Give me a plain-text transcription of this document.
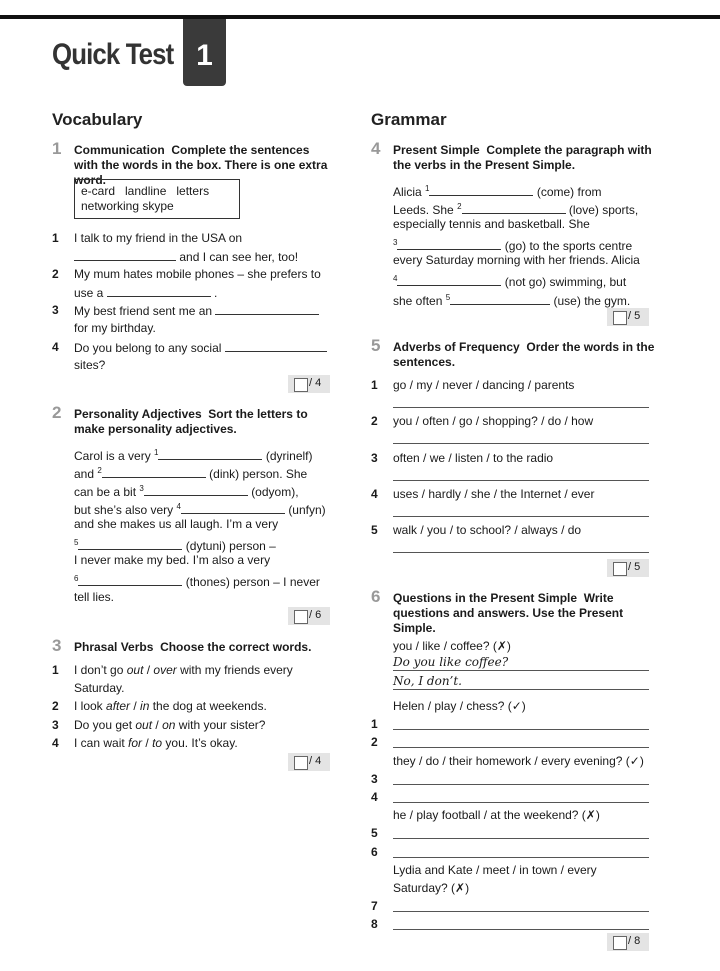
Quick Test 1
Vocabulary
1 Communication Complete the sentences with the words in the box. There is one extra word.
e-card   landline   letters
networking skype
1 I talk to my friend in the USA on
and I can see her, too!
2 My mum hates mobile phones – she prefers to
use a	.
3 My best friend sent me an
for my birthday.
4 Do you belong to any social
sites?
/ 4
2 Personality Adjectives Sort the letters to make personality adjectives.
Carol is a very $^1$	(dyrinelf)
and $^2$	(dink) person. She
can be a bit $^3$	(odyom),
but she’s also very $^4$	(unfyn)
and she makes us all laugh. I’m a very
$^5$	(dytuni) person –
I never make my bed. I’m also a very
$^6$	(thones) person – I never
tell lies.
/ 6
3 Phrasal Verbs Choose the correct words.
1 I don’t go out / over with my friends every
Saturday.
2 I look after / in the dog at weekends.
3 Do you get out / on with your sister?
4 I can wait for / to you. It’s okay.
/ 4
Grammar
4 Present Simple Complete the paragraph with the verbs in the Present Simple.
Alicia $^1$	(come) from
Leeds. She $^2$	(love) sports,
especially tennis and basketball. She
$^3$	(go) to the sports centre
every Saturday morning with her friends. Alicia
$^4$	(not go) swimming, but
she often $^5$	(use) the gym.
/ 5
5 Adverbs of Frequency Order the words in the sentences.
1 go / my / never / dancing / parents
2 you / often / go / shopping? / do / how
3 often / we / listen / to the radio
4 uses / hardly / she / the Internet / ever
5 walk / you / to school? / always / do
/ 5
6 Questions in the Present Simple Write questions and answers. Use the Present Simple.
you / like / coffee? (✗)
Do you like coffee?
No, I don’t.
Helen / play / chess? (✓)
1
2
they / do / their homework / every evening? (✓)
3
4
he / play football / at the weekend? (✗)
5
6
Lydia and Kate / meet / in town / every
Saturday? (✗)
7
8
/ 8
